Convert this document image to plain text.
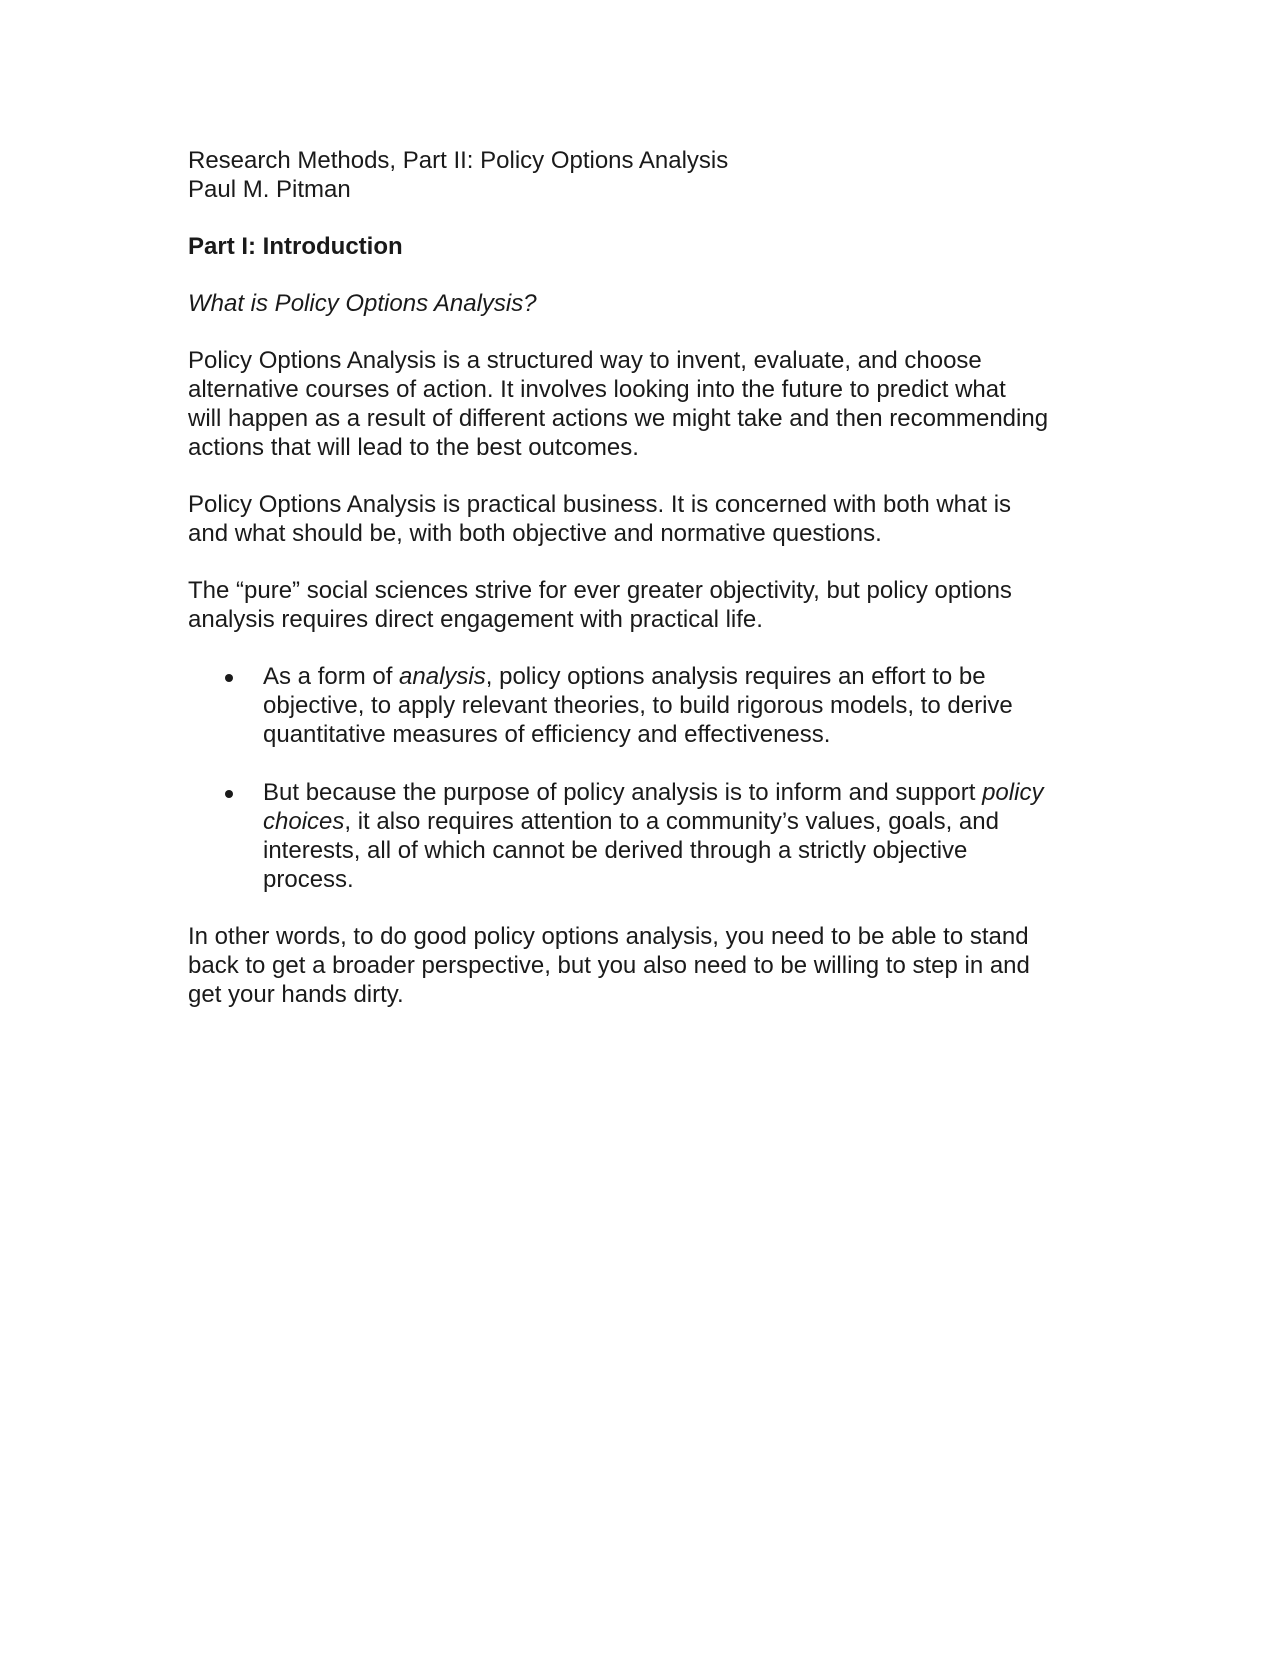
Research Methods, Part II: Policy Options Analysis
Paul M. Pitman
Part I: Introduction
What is Policy Options Analysis?
Policy Options Analysis is a structured way to invent, evaluate, and choose
alternative courses of action. It involves looking into the future to predict what
will happen as a result of different actions we might take and then recommending
actions that will lead to the best outcomes.
Policy Options Analysis is practical business. It is concerned with both what is
and what should be, with both objective and normative questions.
The “pure” social sciences strive for ever greater objectivity, but policy options
analysis requires direct engagement with practical life.
As a form of analysis, policy options analysis requires an effort to be
objective, to apply relevant theories, to build rigorous models, to derive
quantitative measures of efficiency and effectiveness.
But because the purpose of policy analysis is to inform and support policy
choices, it also requires attention to a community’s values, goals, and
interests, all of which cannot be derived through a strictly objective
process.
In other words, to do good policy options analysis, you need to be able to stand
back to get a broader perspective, but you also need to be willing to step in and
get your hands dirty.
